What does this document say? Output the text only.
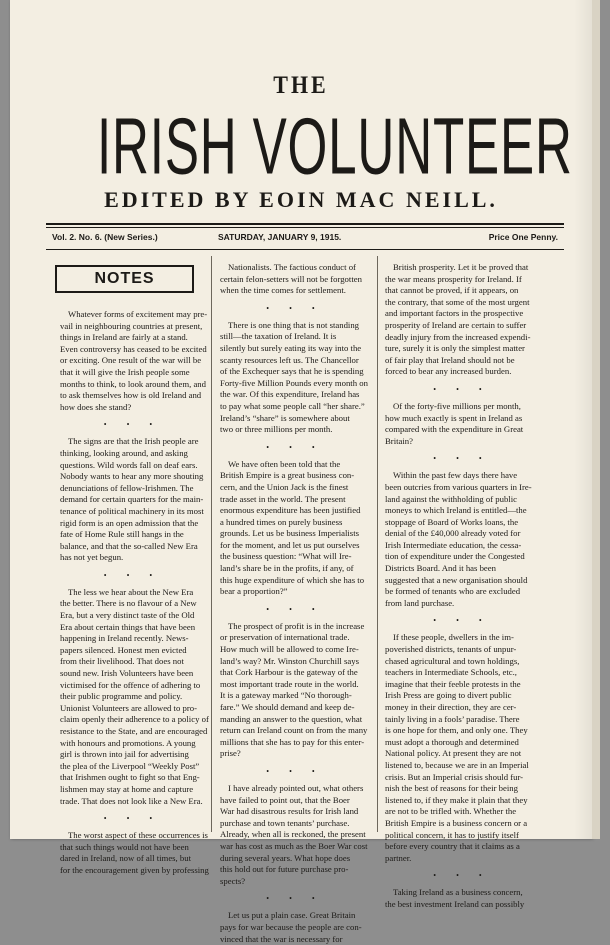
THE
IRISH VOLUNTEER
EDITED BY EOIN MAC NEILL.
Vol. 2. No. 6. (New Series.)	SATURDAY, JANUARY 9, 1915.	Price One Penny.
NOTES
Whatever forms of excitement may pre-
vail in neighbouring countries at present,
things in Ireland are fairly at a stand.
Even controversy has ceased to be excited
or exciting. One result of the war will be
that it will give the Irish people some
months to think, to look around them, and
to ask themselves how is old Ireland and
how does she stand?
• • •
The signs are that the Irish people are
thinking, looking around, and asking
questions. Wild words fall on deaf ears.
Nobody wants to hear any more shouting
denunciations of fellow-Irishmen. The
demand for certain quarters for the main-
tenance of political machinery in its most
rigid form is an open admission that the
fate of Home Rule still hangs in the
balance, and that the so-called New Era
has not yet begun.
• • •
The less we hear about the New Era
the better. There is no flavour of a New
Era, but a very distinct taste of the Old
Era about certain things that have been
happening in Ireland recently. News-
papers silenced. Honest men evicted
from their livelihood. That does not
sound new. Irish Volunteers have been
victimised for the offence of adhering to
their public programme and policy.
Unionist Volunteers are allowed to pro-
claim openly their adherence to a policy of
resistance to the State, and are encouraged
with honours and promotions. A young
girl is thrown into jail for advertising
the plea of the Liverpool “Weekly Post”
that Irishmen ought to fight so that Eng-
lishmen may stay at home and capture
trade. That does not look like a New Era.
• • •
The worst aspect of these occurrences is
that such things would not have been
dared in Ireland, now of all times, but
for the encouragement given by professing
Nationalists. The factious conduct of
certain felon-setters will not be forgotten
when the time comes for settlement.
• • •
There is one thing that is not standing
still—the taxation of Ireland. It is
silently but surely eating its way into the
scanty resources left us. The Chancellor
of the Exchequer says that he is spending
Forty-five Million Pounds every month on
the war. Of this expenditure, Ireland has
to pay what some people call “her share.”
Ireland’s “share” is somewhere about
two or three millions per month.
• • •
We have often been told that the
British Empire is a great business con-
cern, and the Union Jack is the finest
trade asset in the world. The present
enormous expenditure has been justified
a hundred times on purely business
grounds. Let us be business Imperialists
for the moment, and let us put ourselves
the business question: “What will Ire-
land’s share be in the profits, if any, of
this huge expenditure of which she has to
bear a proportion?”
• • •
The prospect of profit is in the increase
or preservation of international trade.
How much will be allowed to come Ire-
land’s way? Mr. Winston Churchill says
that Cork Harbour is the gateway of the
most important trade route in the world.
It is a gateway marked “No thorough-
fare.” We should demand and keep de-
manding an answer to the question, what
return can Ireland count on from the many
millions that she has to pay for this enter-
prise?
• • •
I have already pointed out, what others
have failed to point out, that the Boer
War had disastrous results for Irish land
purchase and town tenants’ purchase.
Already, when all is reckoned, the present
war has cost as much as the Boer War cost
during several years. What hope does
this hold out for future purchase pro-
spects?
• • •
Let us put a plain case. Great Britain
pays for war because the people are con-
vinced that the war is necessary for
British prosperity. Let it be proved that
the war means prosperity for Ireland. If
that cannot be proved, if it appears, on
the contrary, that some of the most urgent
and important factors in the prospective
prosperity of Ireland are certain to suffer
deadly injury from the increased expendi-
ture, surely it is only the simplest matter
of fair play that Ireland should not be
forced to bear any increased burden.
• • •
Of the forty-five millions per month,
how much exactly is spent in Ireland as
compared with the expenditure in Great
Britain?
• • •
Within the past few days there have
been outcries from various quarters in Ire-
land against the withholding of public
moneys to which Ireland is entitled—the
stoppage of Board of Works loans, the
denial of the £40,000 already voted for
Irish Intermediate education, the cessa-
tion of expenditure under the Congested
Districts Board. And it has been
suggested that a new organisation should
be formed of tenants who are excluded
from land purchase.
• • •
If these people, dwellers in the im-
poverished districts, tenants of unpur-
chased agricultural and town holdings,
teachers in Intermediate Schools, etc.,
imagine that their feeble protests in the
Irish Press are going to divert public
money in their direction, they are cer-
tainly living in a fools’ paradise. There
is one hope for them, and only one. They
must adopt a thorough and determined
National policy. At present they are not
listened to, because we are in an Imperial
crisis. But an Imperial crisis should fur-
nish the best of reasons for their being
listened to, if they make it plain that they
are not to be trifled with. Whether the
British Empire is a business concern or a
political concern, it has to justify itself
before every country that it claims as a
partner.
• • •
Taking Ireland as a business concern,
the best investment Ireland can possibly
